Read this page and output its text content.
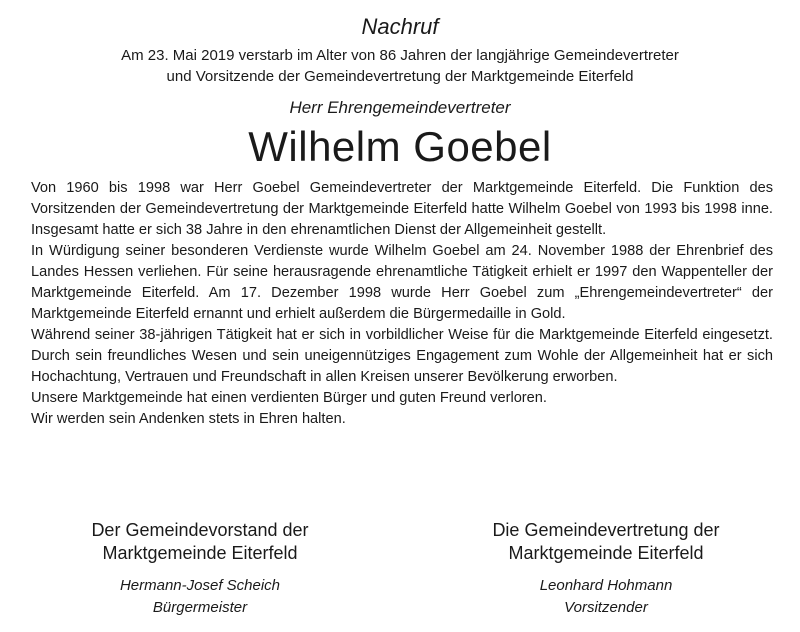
Nachruf
Am 23. Mai 2019 verstarb im Alter von 86 Jahren der langjährige Gemeindevertreter
und Vorsitzende der Gemeindevertretung der Marktgemeinde Eiterfeld
Herr Ehrengemeindevertreter
Wilhelm Goebel

Von 1960 bis 1998 war Herr Goebel Gemeindevertreter der Marktgemeinde Eiterfeld. Die Funktion des Vorsitzenden der Gemeindevertretung der Marktgemeinde Eiterfeld hatte Wilhelm Goebel von 1993 bis 1998 inne. Insgesamt hatte er sich 38 Jahre in den ehrenamtlichen Dienst der Allgemeinheit gestellt.

In Würdigung seiner besonderen Verdienste wurde Wilhelm Goebel am 24. November 1988 der Ehrenbrief des Landes Hessen verliehen. Für seine herausragende ehrenamtliche Tätigkeit erhielt er 1997 den Wappenteller der Marktgemeinde Eiterfeld. Am 17. Dezember 1998 wurde Herr Goebel zum „Ehrengemeindevertreter“ der Marktgemeinde Eiterfeld ernannt und erhielt außerdem die Bürgermedaille in Gold.

Während seiner 38-jährigen Tätigkeit hat er sich in vorbildlicher Weise für die Marktgemeinde Eiterfeld eingesetzt. Durch sein freundliches Wesen und sein uneigennütziges Engagement zum Wohle der Allgemeinheit hat er sich Hochachtung, Vertrauen und Freundschaft in allen Kreisen unserer Bevölkerung erworben.

Unsere Marktgemeinde hat einen verdienten Bürger und guten Freund verloren.

Wir werden sein Andenken stets in Ehren halten.

Der Gemeindevorstand der
Marktgemeinde Eiterfeld
Hermann-Josef Scheich
Bürgermeister
Die Gemeindevertretung der
Marktgemeinde Eiterfeld
Leonhard Hohmann
Vorsitzender
